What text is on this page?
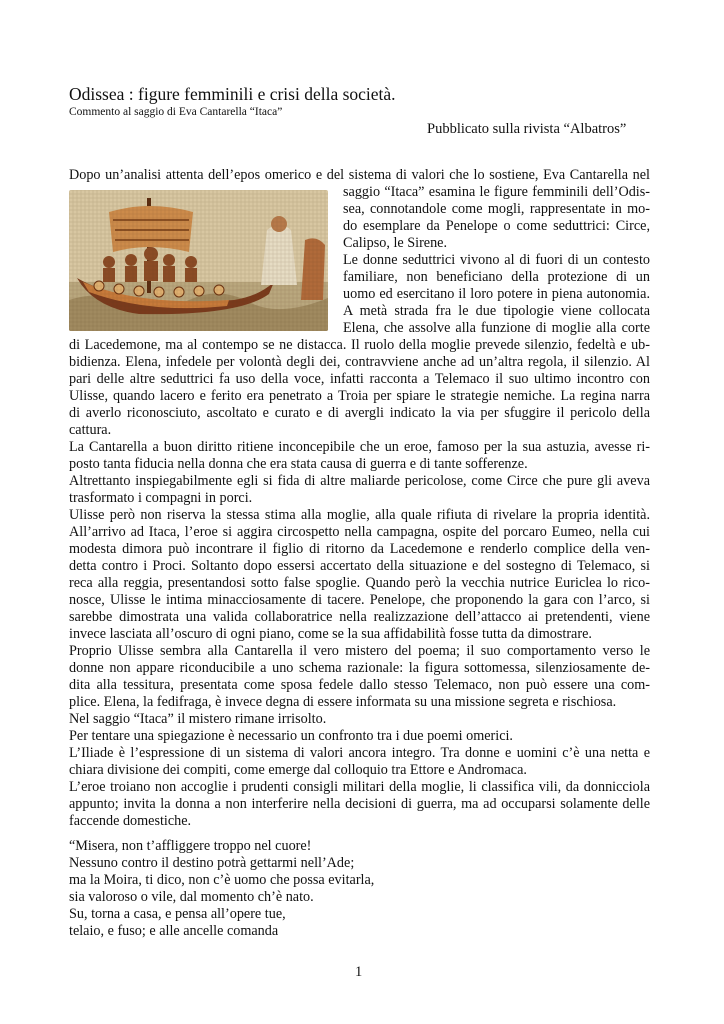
Odissea : figure femminili e crisi della società.
Commento al saggio di Eva Cantarella “Itaca”
Pubblicato sulla rivista “Albatros”
Dopo un’analisi attenta dell’epos omerico e del sistema di valori che lo sostiene, Eva Cantarella nel
saggio “Itaca” esamina le figure femminili dell’Odis-
sea, connotandole come mogli, rappresentate in mo-
do esemplare da Penelope o come seduttrici: Circe,
Calipso, le Sirene.
Le donne seduttrici vivono al di fuori di un contesto
familiare, non beneficiano della protezione di un
uomo ed esercitano il loro potere in piena autonomia.
A metà strada fra le due tipologie viene collocata
Elena, che assolve alla funzione di moglie alla corte
di Lacedemone, ma al contempo se ne distacca. Il ruolo della moglie prevede silenzio, fedeltà e ub-
bidienza. Elena, infedele per volontà degli dei, contravviene anche ad un’altra regola, il silenzio. Al
pari delle altre seduttrici fa uso della voce, infatti racconta a Telemaco il suo ultimo incontro con
Ulisse, quando lacero e ferito era penetrato a Troia per spiare le strategie nemiche. La regina narra
di averlo riconosciuto, ascoltato e curato e di avergli indicato la via per sfuggire il pericolo della
cattura.
La Cantarella a buon diritto ritiene inconcepibile che un eroe, famoso per la sua astuzia, avesse ri-
posto tanta fiducia nella donna che era stata causa di guerra e di tante sofferenze.
Altrettanto inspiegabilmente egli si fida di altre maliarde pericolose, come Circe che pure gli aveva
trasformato i compagni in porci.
Ulisse però non riserva la stessa stima alla moglie, alla quale rifiuta di rivelare la propria identità.
All’arrivo ad Itaca, l’eroe si aggira circospetto nella campagna, ospite del porcaro Eumeo, nella cui
modesta dimora può incontrare il figlio di ritorno da Lacedemone e renderlo complice della ven-
detta contro i Proci. Soltanto dopo essersi accertato della situazione e del sostegno di Telemaco, si
reca alla reggia, presentandosi sotto false spoglie. Quando però la vecchia nutrice Euriclea lo rico-
nosce, Ulisse le intima minacciosamente di tacere. Penelope, che proponendo la gara con l’arco, si
sarebbe dimostrata una valida collaboratrice nella realizzazione dell’attacco ai pretendenti, viene
invece lasciata all’oscuro di ogni piano, come se la sua affidabilità fosse tutta da dimostrare.
Proprio Ulisse sembra alla Cantarella il vero mistero del poema; il suo comportamento verso le
donne non appare riconducibile a uno schema razionale: la figura sottomessa, silenziosamente de-
dita alla tessitura, presentata come sposa fedele dallo stesso Telemaco, non può essere una com-
plice. Elena, la fedifraga, è invece degna di essere informata su una missione segreta e rischiosa.
Nel saggio “Itaca” il mistero rimane irrisolto.
Per tentare una spiegazione è necessario un confronto tra i due poemi omerici.
L’Iliade è l’espressione di un sistema di valori ancora integro. Tra donne e uomini c’è una netta e
chiara divisione dei compiti, come emerge dal colloquio tra Ettore e Andromaca.
L’eroe troiano non accoglie i prudenti consigli militari della moglie, li classifica vili, da donnicciola
appunto; invita la donna a non interferire nella decisioni di guerra, ma ad occuparsi solamente delle
faccende domestiche.
“Misera, non t’affliggere troppo nel cuore!
Nessuno contro il destino potrà gettarmi nell’Ade;
ma la Moira, ti dico, non c’è uomo che possa evitarla,
sia valoroso o vile, dal momento ch’è nato.
Su, torna a casa, e pensa all’opere tue,
telaio, e fuso; e alle ancelle comanda
1
